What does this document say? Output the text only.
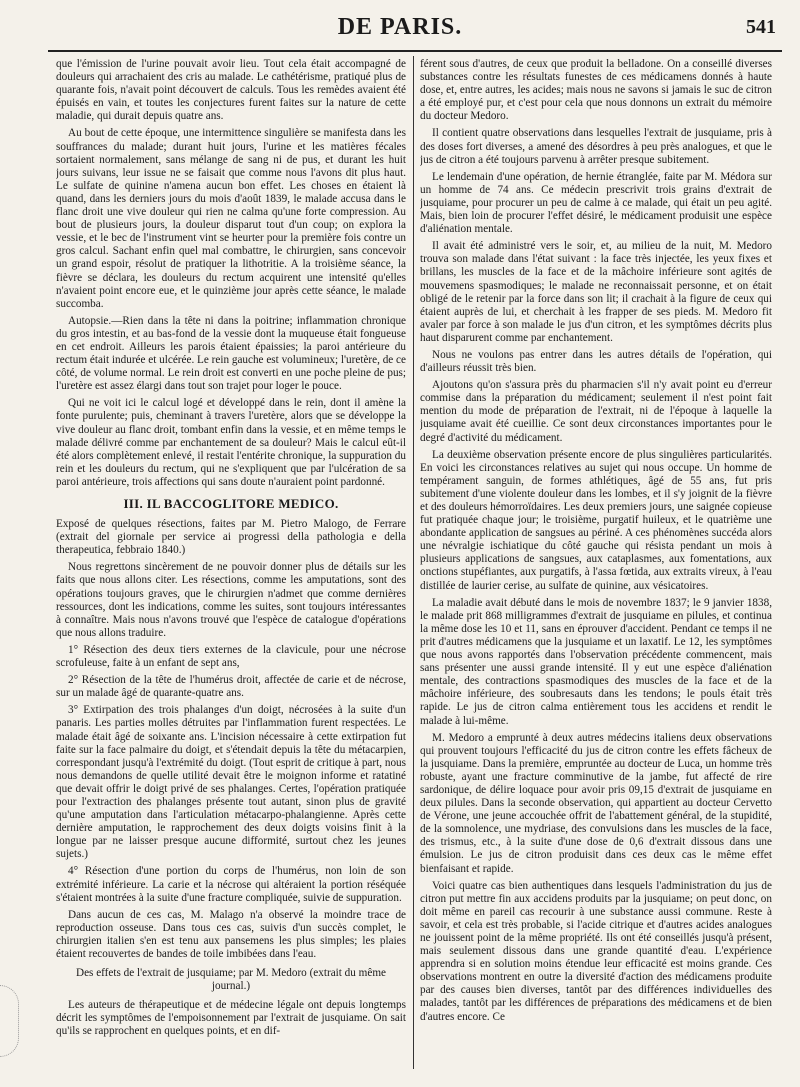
DE PARIS.	541

que l'émission de l'urine pouvait avoir lieu. Tout cela était accompagné de douleurs qui arrachaient des cris au malade. Le cathétérisme, pratiqué plus de quarante fois, n'avait point découvert de calculs. Tous les remèdes avaient été épuisés en vain, et toutes les conjectures furent faites sur la nature de cette maladie, qui durait depuis quatre ans.

Au bout de cette époque, une intermittence singulière se manifesta dans les souffrances du malade; durant huit jours, l'urine et les matières fécales sortaient normalement, sans mélange de sang ni de pus, et durant les huit jours suivans, leur issue ne se faisait que comme nous l'avons dit plus haut. Le sulfate de quinine n'amena aucun bon effet. Les choses en étaient là quand, dans les derniers jours du mois d'août 1839, le malade accusa dans le flanc droit une vive douleur qui rien ne calma qu'une forte compression. Au bout de plusieurs jours, la douleur disparut tout d'un coup; on explora la vessie, et le bec de l'instrument vint se heurter pour la première fois contre un gros calcul. Sachant enfin quel mal combattre, le chirurgien, sans concevoir un grand espoir, résolut de pratiquer la lithotritie. A la troisième séance, la fièvre se déclara, les douleurs du rectum acquirent une intensité qu'elles n'avaient point encore eue, et le quinzième jour après cette séance, le malade succomba.

Autopsie.—Rien dans la tête ni dans la poitrine; inflammation chronique du gros intestin, et au bas-fond de la vessie dont la muqueuse était fongueuse en cet endroit. Ailleurs les parois étaient épaissies; la paroi antérieure du rectum était indurée et ulcérée. Le rein gauche est volumineux; l'uretère, de ce côté, de volume normal. Le rein droit est converti en une poche pleine de pus; l'uretère est assez élargi dans tout son trajet pour loger le pouce.

Qui ne voit ici le calcul logé et développé dans le rein, dont il amène la fonte purulente; puis, cheminant à travers l'uretère, alors que se développe la vive douleur au flanc droit, tombant enfin dans la vessie, et en même temps le malade délivré comme par enchantement de sa douleur? Mais le calcul eût-il été alors complètement enlevé, il restait l'entérite chronique, la suppuration du rein et les douleurs du rectum, qui ne s'expliquent que par l'ulcération de sa paroi antérieure, trois affections qui sans doute n'auraient point pardonné.

III. IL BACCOGLITORE MEDICO.

Exposé de quelques résections, faites par M. Pietro Malogo, de Ferrare (extrait del giornale per service ai progressi della pathologia e della therapeutica, febbraio 1840.)

Nous regrettons sincèrement de ne pouvoir donner plus de détails sur les faits que nous allons citer. Les résections, comme les amputations, sont des opérations toujours graves, que le chirurgien n'admet que comme dernières ressources, dont les indications, comme les suites, sont toujours intéressantes à connaître. Mais nous n'avons trouvé que l'espèce de catalogue d'opérations que nous allons traduire.

1° Résection des deux tiers externes de la clavicule, pour une nécrose scrofuleuse, faite à un enfant de sept ans,

2° Résection de la tête de l'humérus droit, affectée de carie et de nécrose, sur un malade âgé de quarante-quatre ans.

3° Extirpation des trois phalanges d'un doigt, nécrosées à la suite d'un panaris. Les parties molles détruites par l'inflammation furent respectées. Le malade était âgé de soixante ans. L'incision nécessaire à cette extirpation fut faite sur la face palmaire du doigt, et s'étendait depuis la tête du métacarpien, correspondant jusqu'à l'extrémité du doigt. (Tout esprit de critique à part, nous nous demandons de quelle utilité devait être le moignon informe et ratatiné que devait offrir le doigt privé de ses phalanges. Certes, l'opération pratiquée pour l'extraction des phalanges présente tout autant, sinon plus de gravité qu'une amputation dans l'articulation métacarpo-phalangienne. Après cette dernière amputation, le rapprochement des deux doigts voisins finit à la longue par ne laisser presque aucune difformité, surtout chez les jeunes sujets.)

4° Résection d'une portion du corps de l'humérus, non loin de son extrémité inférieure. La carie et la nécrose qui altéraient la portion réséquée s'étaient montrées à la suite d'une fracture compliquée, suivie de suppuration.

Dans aucun de ces cas, M. Malago n'a observé la moindre trace de reproduction osseuse. Dans tous ces cas, suivis d'un succès complet, le chirurgien italien s'en est tenu aux pansemens les plus simples; les plaies étaient recouvertes de bandes de toile imbibées dans l'eau.

Des effets de l'extrait de jusquiame; par M. Medoro (extrait du même journal.)

Les auteurs de thérapeutique et de médecine légale ont depuis longtemps décrit les symptômes de l'empoisonnement par l'extrait de jusquiame. On sait qu'ils se rapprochent en quelques points, et en dif-

férent sous d'autres, de ceux que produit la belladone. On a conseillé diverses substances contre les résultats funestes de ces médicamens donnés à haute dose, et, entre autres, les acides; mais nous ne savons si jamais le suc de citron a été employé pur, et c'est pour cela que nous donnons un extrait du mémoire du docteur Medoro.

Il contient quatre observations dans lesquelles l'extrait de jusquiame, pris à des doses fort diverses, a amené des désordres à peu près analogues, et que le jus de citron a été toujours parvenu à arrêter presque subitement.

Le lendemain d'une opération, de hernie étranglée, faite par M. Médora sur un homme de 74 ans. Ce médecin prescrivit trois grains d'extrait de jusquiame, pour procurer un peu de calme à ce malade, qui était un peu agité. Mais, bien loin de procurer l'effet désiré, le médicament produisit une espèce d'aliénation mentale.

Il avait été administré vers le soir, et, au milieu de la nuit, M. Medoro trouva son malade dans l'état suivant : la face très injectée, les yeux fixes et brillans, les muscles de la face et de la mâchoire inférieure sont agités de mouvemens spasmodiques; le malade ne reconnaissait personne, et on était obligé de le retenir par la force dans son lit; il crachait à la figure de ceux qui étaient auprès de lui, et cherchait à les frapper de ses pieds. M. Medoro fit avaler par force à son malade le jus d'un citron, et les symptômes décrits plus haut disparurent comme par enchantement.

Nous ne voulons pas entrer dans les autres détails de l'opération, qui d'ailleurs réussit très bien.

Ajoutons qu'on s'assura près du pharmacien s'il n'y avait point eu d'erreur commise dans la préparation du médicament; seulement il n'est point fait mention du mode de préparation de l'extrait, ni de l'époque à laquelle la jusquiame avait été cueillie. Ce sont deux circonstances importantes pour le degré d'activité du médicament.

La deuxième observation présente encore de plus singulières particularités. En voici les circonstances relatives au sujet qui nous occupe. Un homme de tempérament sanguin, de formes athlétiques, âgé de 55 ans, fut pris subitement d'une violente douleur dans les lombes, et il s'y joignit de la fièvre et des douleurs hémorroïdaires. Les deux premiers jours, une saignée copieuse fut pratiquée chaque jour; le troisième, purgatif huileux, et le quatrième une abondante application de sangsues au périné. A ces phénomènes succéda alors une névralgie ischiatique du côté gauche qui résista pendant un mois à plusieurs applications de sangsues, aux cataplasmes, aux fomentations, aux onctions stupéfiantes, aux purgatifs, à l'assa fœtida, aux extraits vireux, à l'eau distillée de laurier cerise, au sulfate de quinine, aux vésicatoires.

La maladie avait débuté dans le mois de novembre 1837; le 9 janvier 1838, le malade prit 868 milligrammes d'extrait de jusquiame en pilules, et continua la même dose les 10 et 11, sans en éprouver d'accident. Pendant ce temps il ne prit d'autres médicamens que la jusquiame et un laxatif. Le 12, les symptômes que nous avons rapportés dans l'observation précédente commencent, mais sans présenter une aussi grande intensité. Il y eut une espèce d'aliénation mentale, des contractions spasmodiques des muscles de la face et de la mâchoire inférieure, des soubresauts dans les tendons; le pouls était très rapide. Le jus de citron calma entièrement tous les accidens et rendit le malade à lui-même.

M. Medoro a emprunté à deux autres médecins italiens deux observations qui prouvent toujours l'efficacité du jus de citron contre les effets fâcheux de la jusquiame. Dans la première, empruntée au docteur de Luca, un homme très robuste, ayant une fracture comminutive de la jambe, fut affecté de rire sardonique, de délire loquace pour avoir pris 09,15 d'extrait de jusquiame en deux pilules. Dans la seconde observation, qui appartient au docteur Cervetto de Vérone, une jeune accouchée offrit de l'abattement général, de la stupidité, de la somnolence, une mydriase, des convulsions dans les muscles de la face, des trismus, etc., à la suite d'une dose de 0,6 d'extrait dissous dans une émulsion. Le jus de citron produisit dans ces deux cas le même effet bienfaisant et rapide.

Voici quatre cas bien authentiques dans lesquels l'administration du jus de citron put mettre fin aux accidens produits par la jusquiame; on peut donc, on doit même en pareil cas recourir à une substance aussi commune. Reste à savoir, et cela est très probable, si l'acide citrique et d'autres acides analogues ne jouissent point de la même propriété. Ils ont été conseillés jusqu'à présent, mais seulement dissous dans une grande quantité d'eau. L'expérience apprendra si en solution moins étendue leur efficacité est moins grande. Ces observations montrent en outre la diversité d'action des médicamens produite par des causes bien diverses, tantôt par des différences individuelles des malades, tantôt par les différences de préparations des médicamens et de bien d'autres encore. Ce
